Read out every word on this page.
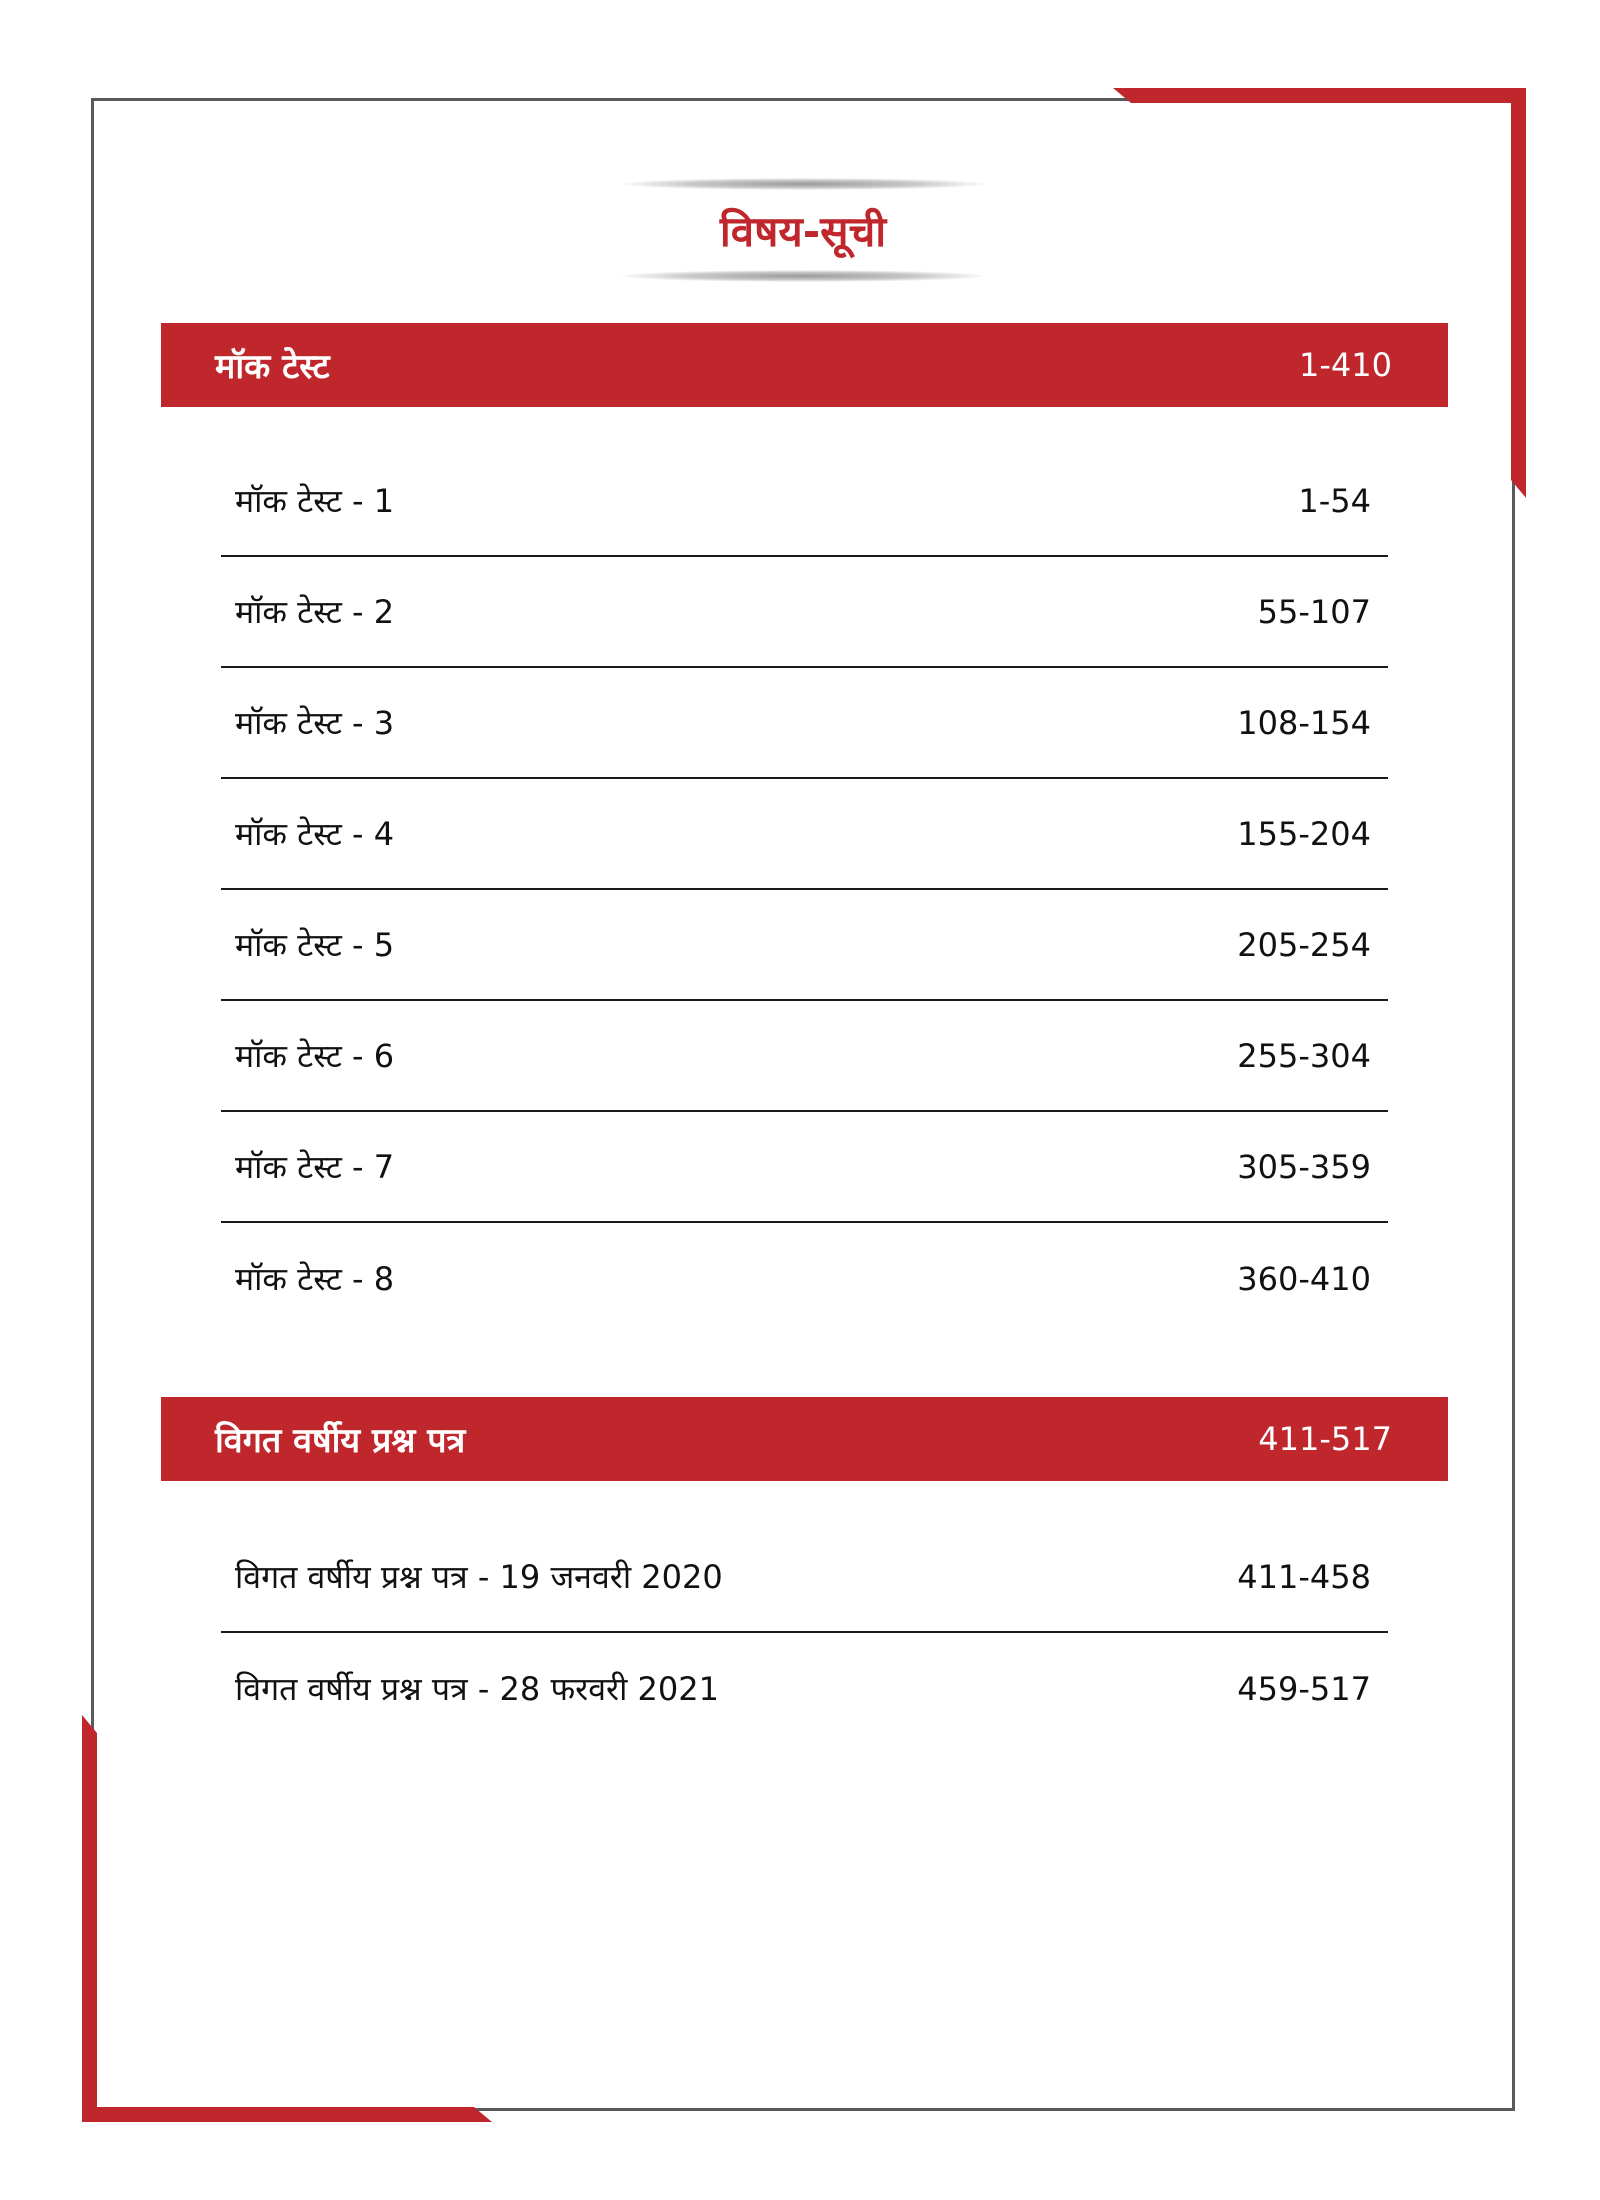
विषय-सूची
मॉक टेस्ट	1-410
मॉक टेस्ट - 1	1-54
मॉक टेस्ट - 2	55-107
मॉक टेस्ट - 3	108-154
मॉक टेस्ट - 4	155-204
मॉक टेस्ट - 5	205-254
मॉक टेस्ट - 6	255-304
मॉक टेस्ट - 7	305-359
मॉक टेस्ट - 8	360-410
विगत वर्षीय प्रश्न पत्र	411-517
विगत वर्षीय प्रश्न पत्र - 19 जनवरी 2020	411-458
विगत वर्षीय प्रश्न पत्र - 28 फरवरी 2021	459-517
